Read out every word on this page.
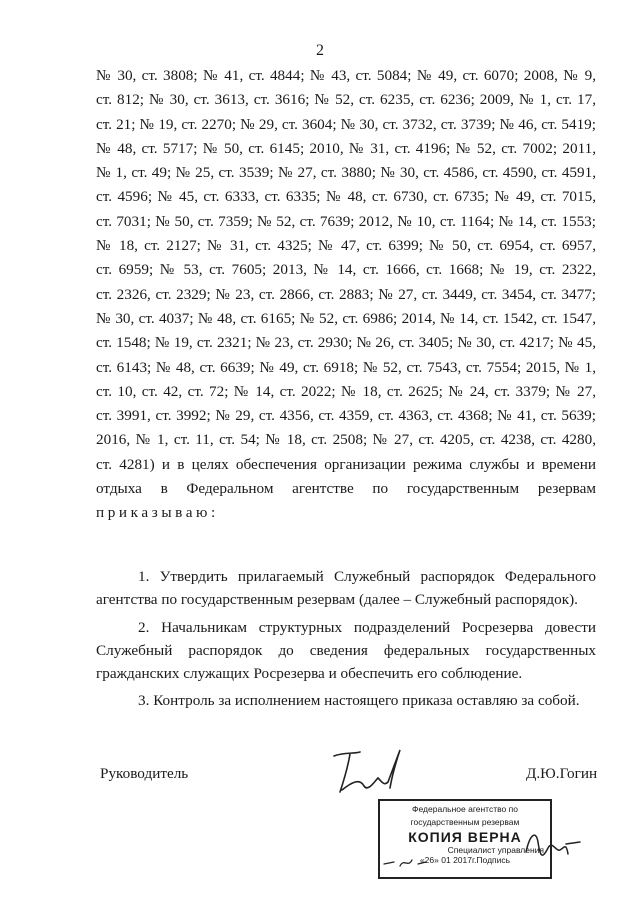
2
№ 30, ст. 3808; № 41, ст. 4844; № 43, ст. 5084; № 49, ст. 6070; 2008, № 9,
ст. 812; № 30, ст. 3613, ст. 3616; № 52, ст. 6235, ст. 6236; 2009, № 1, ст. 17,
ст. 21; № 19, ст. 2270; № 29, ст. 3604; № 30, ст. 3732, ст. 3739; № 46, ст. 5419;
№ 48, ст. 5717; № 50, ст. 6145; 2010, № 31, ст. 4196; № 52, ст. 7002; 2011,
№ 1, ст. 49; № 25, ст. 3539; № 27, ст. 3880; № 30, ст. 4586, ст. 4590, ст. 4591,
ст. 4596; № 45, ст. 6333, ст. 6335; № 48, ст. 6730, ст. 6735; № 49, ст. 7015,
ст. 7031; № 50, ст. 7359; № 52, ст. 7639; 2012, № 10, ст. 1164; № 14, ст. 1553;
№ 18, ст. 2127; № 31, ст. 4325; № 47, ст. 6399; № 50, ст. 6954, ст. 6957,
ст. 6959; № 53, ст. 7605; 2013, № 14, ст. 1666, ст. 1668; № 19, ст. 2322,
ст. 2326, ст. 2329; № 23, ст. 2866, ст. 2883; № 27, ст. 3449, ст. 3454, ст. 3477;
№ 30, ст. 4037; № 48, ст. 6165; № 52, ст. 6986; 2014, № 14, ст. 1542, ст. 1547,
ст. 1548; № 19, ст. 2321; № 23, ст. 2930; № 26, ст. 3405; № 30, ст. 4217; № 45,
ст. 6143; № 48, ст. 6639; № 49, ст. 6918; № 52, ст. 7543, ст. 7554; 2015, № 1,
ст. 10, ст. 42, ст. 72; № 14, ст. 2022; № 18, ст. 2625; № 24, ст. 3379; № 27,
ст. 3991, ст. 3992; № 29, ст. 4356, ст. 4359, ст. 4363, ст. 4368; № 41, ст. 5639;
2016, № 1, ст. 11, ст. 54; № 18, ст. 2508; № 27, ст. 4205, ст. 4238, ст. 4280,
ст. 4281) и в целях обеспечения организации режима службы и времени
отдыха в Федеральном агентстве по государственным резервам
приказываю:
1. Утвердить прилагаемый Служебный распорядок Федерального
агентства по государственным резервам (далее – Служебный распорядок).
2. Начальникам структурных подразделений Росрезерва довести
Служебный распорядок до сведения федеральных государственных
гражданских служащих Росрезерва и обеспечить его соблюдение.
3. Контроль за исполнением настоящего приказа оставляю за собой.
Руководитель	Д.Ю.Гогин
Федеральное агентство по
государственным резервам
КОПИЯ ВЕРНА
Специалист управления
«26» 01 2017г.Подпись
